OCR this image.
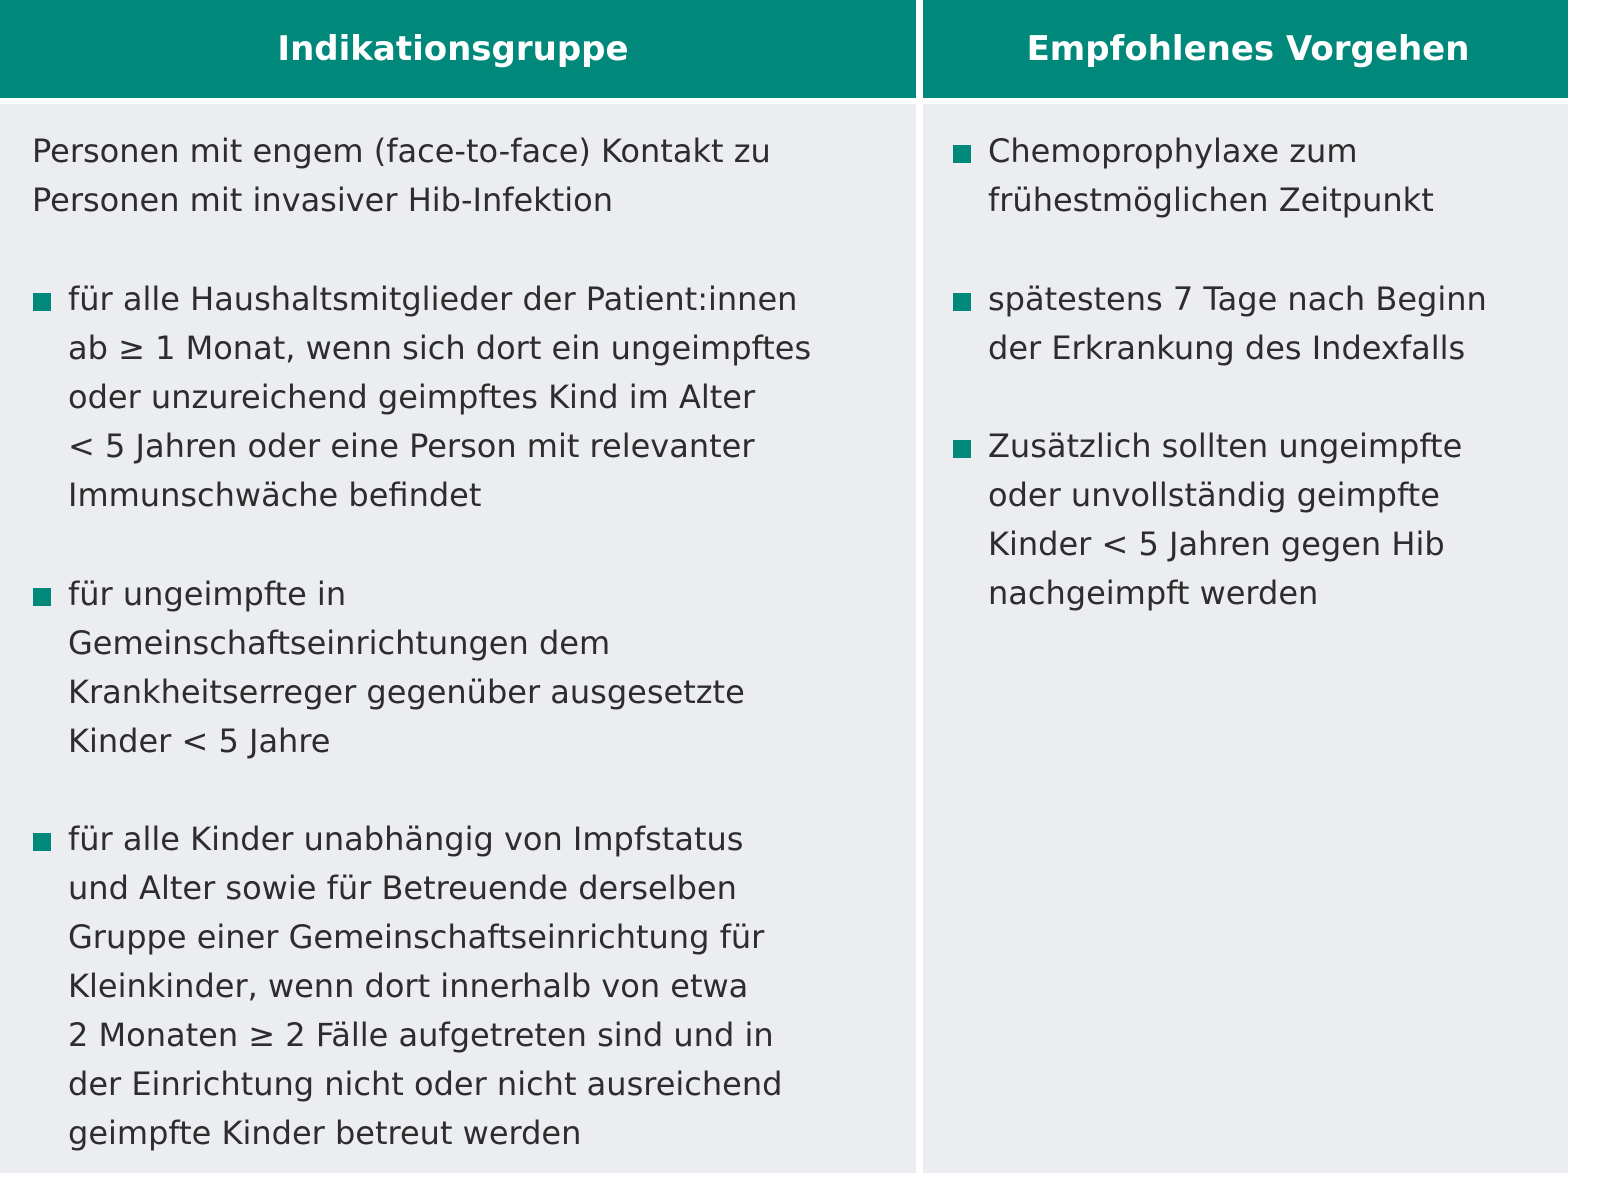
Indikationsgruppe
Personen mit engem (face-to-face) Kontakt zu
Personen mit invasiver Hib-Infektion
für alle Haushaltsmitglieder der Patient:innen
ab ≥ 1 Monat, wenn sich dort ein ungeimpftes
oder unzureichend geimpftes Kind im Alter
< 5 Jahren oder eine Person mit relevanter
Immunschwäche befindet
für ungeimpfte in
Gemeinschaftseinrichtungen dem
Krankheitserreger gegenüber ausgesetzte
Kinder < 5 Jahre
für alle Kinder unabhängig von Impfstatus
und Alter sowie für Betreuende derselben
Gruppe einer Gemeinschaftseinrichtung für
Kleinkinder, wenn dort innerhalb von etwa
2 Monaten ≥ 2 Fälle aufgetreten sind und in
der Einrichtung nicht oder nicht ausreichend
geimpfte Kinder betreut werden
Empfohlenes Vorgehen
Chemoprophylaxe zum
frühestmöglichen Zeitpunkt
spätestens 7 Tage nach Beginn
der Erkrankung des Indexfalls
Zusätzlich sollten ungeimpfte
oder unvollständig geimpfte
Kinder < 5 Jahren gegen Hib
nachgeimpft werden
